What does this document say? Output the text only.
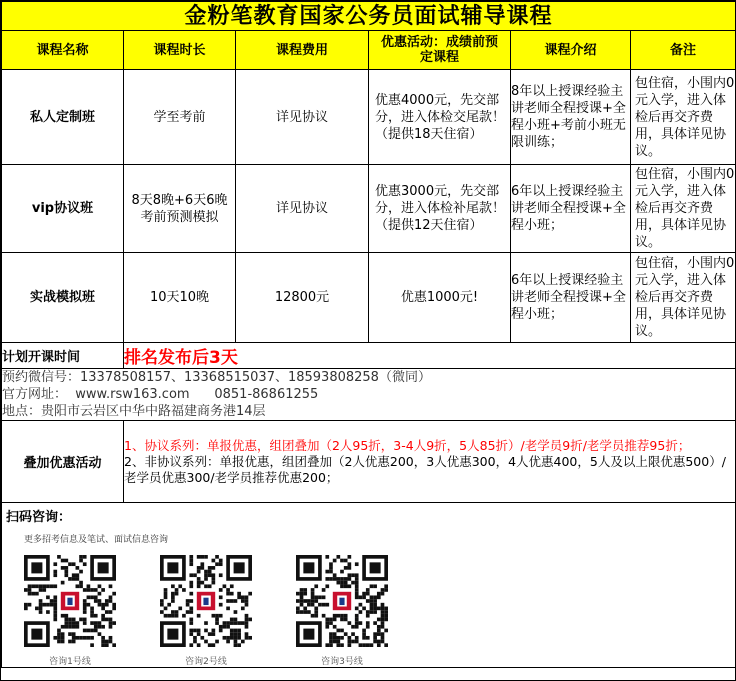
金粉笔教育国家公务员面试辅导课程					
课程名称	课程时长	课程费用	优惠活动：成绩前预定课程	课程介绍	备注
私人定制班	学至考前	详见协议	优惠4000元，先交部分，进入体检交尾款！（提供18天住宿）	8年以上授课经验主讲老师全程授课+全程小班+考前小班无限训练；	包住宿，小围内0元入学，进入体检后再交齐费用，具体详见协议。
vip协议班	8天8晚+6天6晚考前预测模拟	详见协议	优惠3000元，先交部分，进入体检补尾款！（提供12天住宿）	6年以上授课经验主讲老师全程授课+全程小班；	包住宿，小围内0元入学，进入体检后再交齐费用，具体详见协议。
实战模拟班	10天10晚	12800元	优惠1000元!	6年以上授课经验主讲老师全程授课+全程小班；	包住宿，小围内0元入学，进入体检后再交齐费用，具体详见协议。
计划开课时间	排名发布后3天				

预约微信号：13378508157、13368515037、18593808258（微同）
官方网址：  www.rsw163.com      0851-86861255
地点：贵阳市云岩区中华中路福建商务港14层					

叠加优惠活动	1、协议系列：单报优惠，组团叠加（2人95折，3-4人9折，5人85折）/老学员9折/老学员推荐95折；
2、非协议系列：单报优惠，组团叠加（2人优惠200，3人优惠300，4人优惠400，5人及以上限优惠500）/老学员优惠300/老学员推荐优惠200；				

扫码咨询：
更多招考信息及笔试、面试信息咨询
咨询1号线 咨询2号线 咨询3号线					
